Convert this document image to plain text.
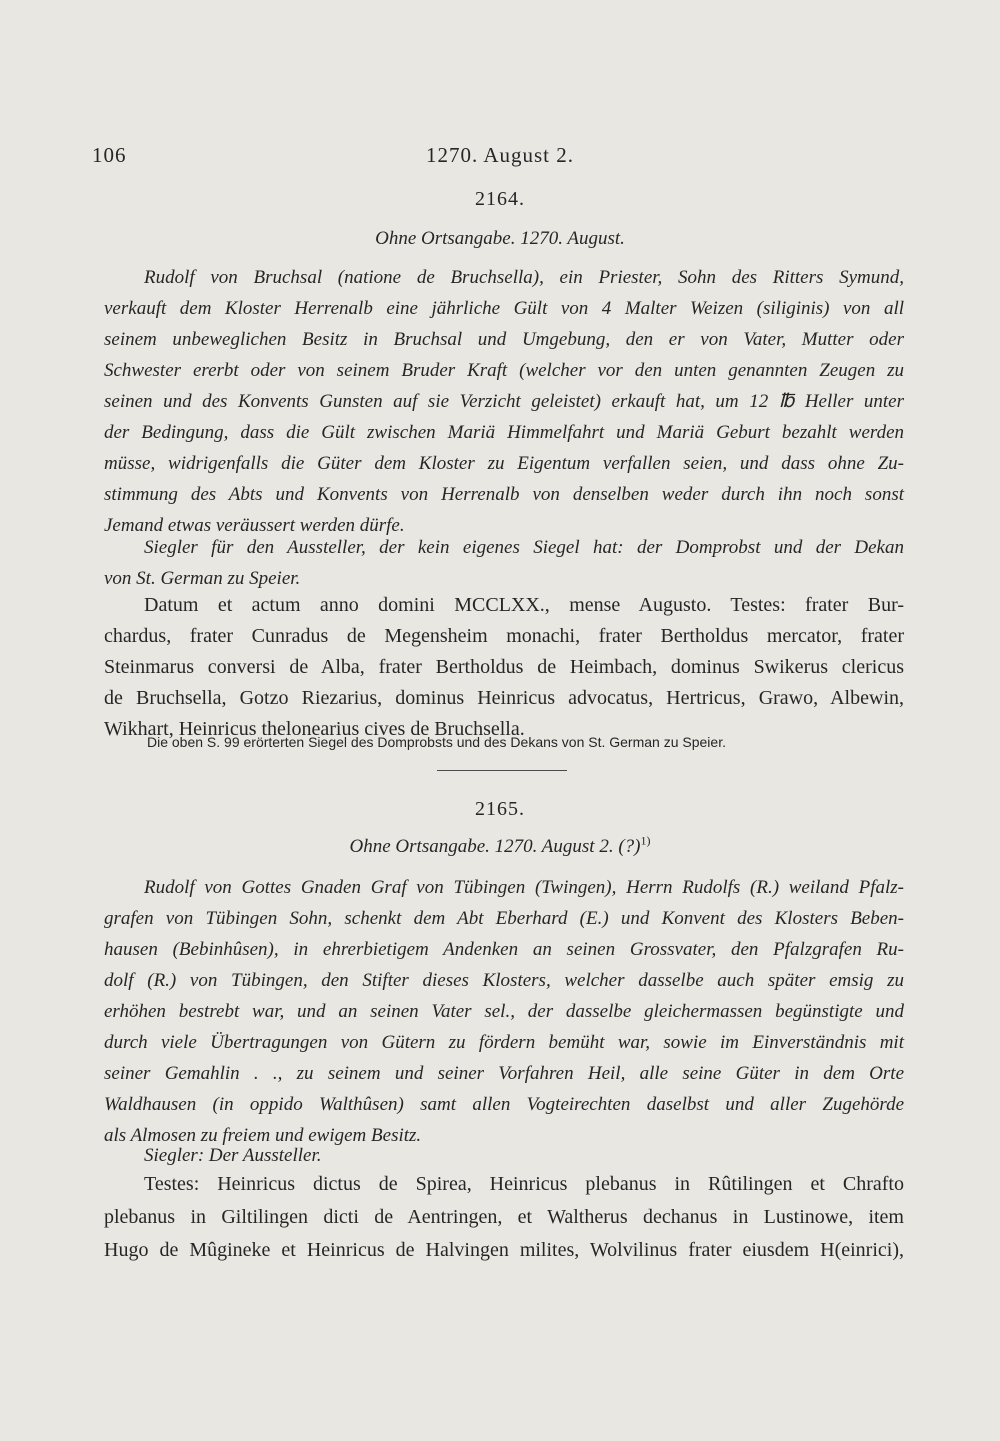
106	1270. August 2.
2164.
Ohne Ortsangabe. 1270. August.
Rudolf von Bruchsal (natione de Bruchsella), ein Priester, Sohn des Ritters Symund,
verkauft dem Kloster Herrenalb eine jährliche Gült von 4 Malter Weizen (siliginis) von all
seinem unbeweglichen Besitz in Bruchsal und Umgebung, den er von Vater, Mutter oder
Schwester ererbt oder von seinem Bruder Kraft (welcher vor den unten genannten Zeugen zu
seinen und des Konvents Gunsten auf sie Verzicht geleistet) erkauft hat, um 12 ℔ Heller unter
der Bedingung, dass die Gült zwischen Mariä Himmelfahrt und Mariä Geburt bezahlt werden
müsse, widrigenfalls die Güter dem Kloster zu Eigentum verfallen seien, und dass ohne Zu-
stimmung des Abts und Konvents von Herrenalb von denselben weder durch ihn noch sonst
Jemand etwas veräussert werden dürfe.
Siegler für den Aussteller, der kein eigenes Siegel hat: der Domprobst und der Dekan
von St. German zu Speier.
Datum et actum anno domini MCCLXX., mense Augusto. Testes: frater Bur-
chardus, frater Cunradus de Megensheim monachi, frater Bertholdus mercator, frater
Steinmarus conversi de Alba, frater Bertholdus de Heimbach, dominus Swikerus clericus
de Bruchsella, Gotzo Riezarius, dominus Heinricus advocatus, Hertricus, Grawo, Albewin,
Wikhart, Heinricus thelonearius cives de Bruchsella.
Die oben S. 99 erörterten Siegel des Domprobsts und des Dekans von St. German zu Speier.
2165.
Ohne Ortsangabe. 1270. August 2. (?)$^{1)}$
Rudolf von Gottes Gnaden Graf von Tübingen (Twingen), Herrn Rudolfs (R.) weiland Pfalz-
grafen von Tübingen Sohn, schenkt dem Abt Eberhard (E.) und Konvent des Klosters Beben-
hausen (Bebinhûsen), in ehrerbietigem Andenken an seinen Grossvater, den Pfalzgrafen Ru-
dolf (R.) von Tübingen, den Stifter dieses Klosters, welcher dasselbe auch später emsig zu
erhöhen bestrebt war, und an seinen Vater sel., der dasselbe gleichermassen begünstigte und
durch viele Übertragungen von Gütern zu fördern bemüht war, sowie im Einverständnis mit
seiner Gemahlin . ., zu seinem und seiner Vorfahren Heil, alle seine Güter in dem Orte
Waldhausen (in oppido Walthûsen) samt allen Vogteirechten daselbst und aller Zugehörde
als Almosen zu freiem und ewigem Besitz.
Siegler: Der Aussteller.
Testes: Heinricus dictus de Spirea, Heinricus plebanus in Rûtilingen et Chrafto
plebanus in Giltilingen dicti de Aentringen, et Waltherus dechanus in Lustinowe, item
Hugo de Mûgineke et Heinricus de Halvingen milites, Wolvilinus frater eiusdem H(einrici),
